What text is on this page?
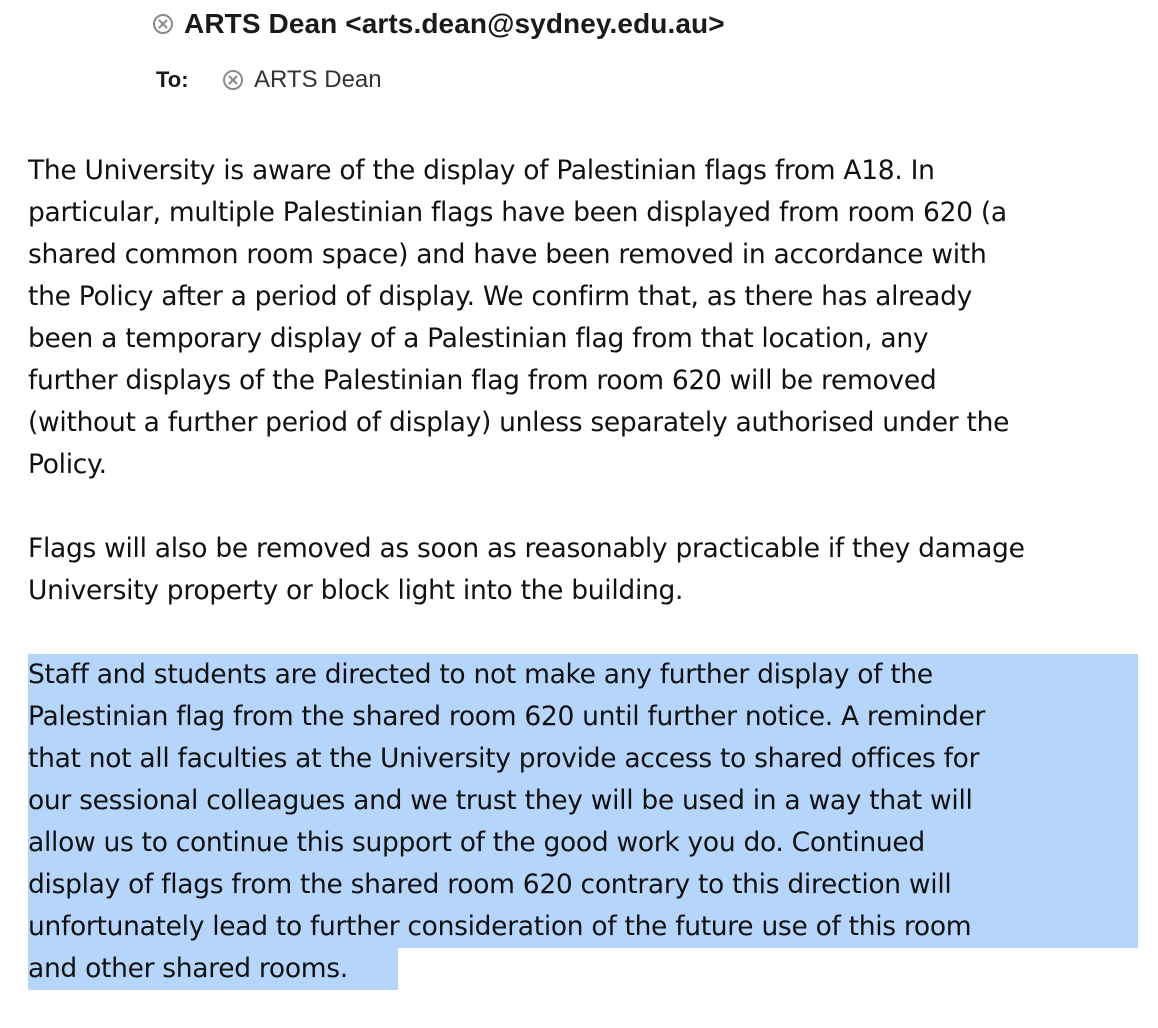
ARTS Dean <arts.dean@sydney.edu.au>
To:	ARTS Dean
The University is aware of the display of Palestinian flags from A18. In
particular, multiple Palestinian flags have been displayed from room 620 (a
shared common room space) and have been removed in accordance with
the Policy after a period of display. We confirm that, as there has already
been a temporary display of a Palestinian flag from that location, any
further displays of the Palestinian flag from room 620 will be removed
(without a further period of display) unless separately authorised under the
Policy.
Flags will also be removed as soon as reasonably practicable if they damage
University property or block light into the building.
Staff and students are directed to not make any further display of the
Palestinian flag from the shared room 620 until further notice. A reminder
that not all faculties at the University provide access to shared offices for
our sessional colleagues and we trust they will be used in a way that will
allow us to continue this support of the good work you do. Continued
display of flags from the shared room 620 contrary to this direction will
unfortunately lead to further consideration of the future use of this room
and other shared rooms.
